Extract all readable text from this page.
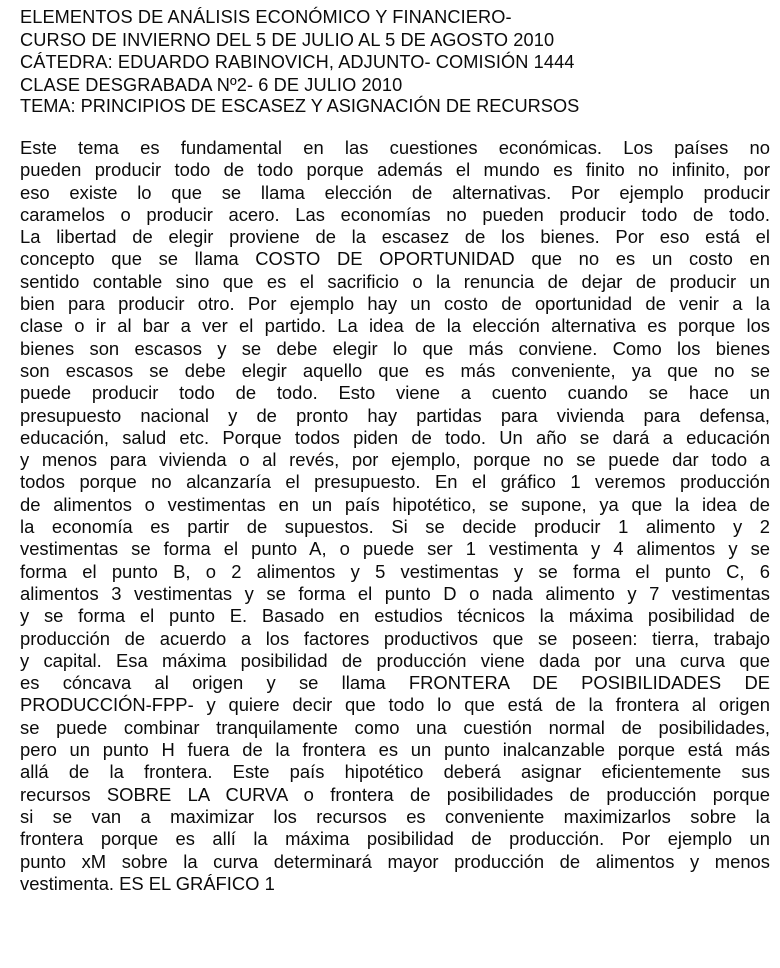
ELEMENTOS DE ANÁLISIS ECONÓMICO Y FINANCIERO-
CURSO DE INVIERNO DEL 5 DE JULIO AL 5 DE AGOSTO 2010
CÁTEDRA: EDUARDO RABINOVICH, ADJUNTO- COMISIÓN 1444
CLASE DESGRABADA Nº2- 6 DE JULIO 2010
TEMA: PRINCIPIOS DE ESCASEZ Y ASIGNACIÓN DE RECURSOS
Este tema es fundamental en las cuestiones económicas. Los países no
pueden producir todo de todo porque además el mundo es finito no infinito, por
eso existe lo que se llama elección de alternativas. Por ejemplo producir
caramelos o producir acero. Las economías no pueden producir todo de todo.
La libertad de elegir proviene de la escasez de los bienes. Por eso está el
concepto que se llama COSTO DE OPORTUNIDAD que no es un costo en
sentido contable sino que es el sacrificio o la renuncia de dejar de producir un
bien para producir otro. Por ejemplo hay un costo de oportunidad de venir a la
clase o ir al bar a ver el partido. La idea de la elección alternativa es porque los
bienes son escasos y se debe elegir lo que más conviene. Como los bienes
son escasos se debe elegir aquello que es más conveniente, ya que no se
puede producir todo de todo. Esto viene a cuento cuando se hace un
presupuesto nacional y de pronto hay partidas para vivienda para defensa,
educación, salud etc. Porque todos piden de todo. Un año se dará a educación
y menos para vivienda o al revés, por ejemplo, porque no se puede dar todo a
todos porque no alcanzaría el presupuesto. En el gráfico 1 veremos producción
de alimentos o vestimentas en un país hipotético, se supone, ya que la idea de
la economía es partir de supuestos. Si se decide producir 1 alimento y 2
vestimentas se forma el punto A, o puede ser 1 vestimenta y 4 alimentos y se
forma el punto B, o 2 alimentos y 5 vestimentas y se forma el punto C, 6
alimentos 3 vestimentas y se forma el punto D o nada alimento y 7 vestimentas
y se forma el punto E. Basado en estudios técnicos la máxima posibilidad de
producción de acuerdo a los factores productivos que se poseen: tierra, trabajo
y capital. Esa máxima posibilidad de producción viene dada por una curva que
es cóncava al origen y se llama FRONTERA DE POSIBILIDADES DE
PRODUCCIÓN-FPP- y quiere decir que todo lo que está de la frontera al origen
se puede combinar tranquilamente como una cuestión normal de posibilidades,
pero un punto H fuera de la frontera es un punto inalcanzable porque está más
allá de la frontera. Este país hipotético deberá asignar eficientemente sus
recursos SOBRE LA CURVA o frontera de posibilidades de producción porque
si se van a maximizar los recursos es conveniente maximizarlos sobre la
frontera porque es allí la máxima posibilidad de producción. Por ejemplo un
punto xM sobre la curva determinará mayor producción de alimentos y menos
vestimenta. ES EL GRÁFICO 1
